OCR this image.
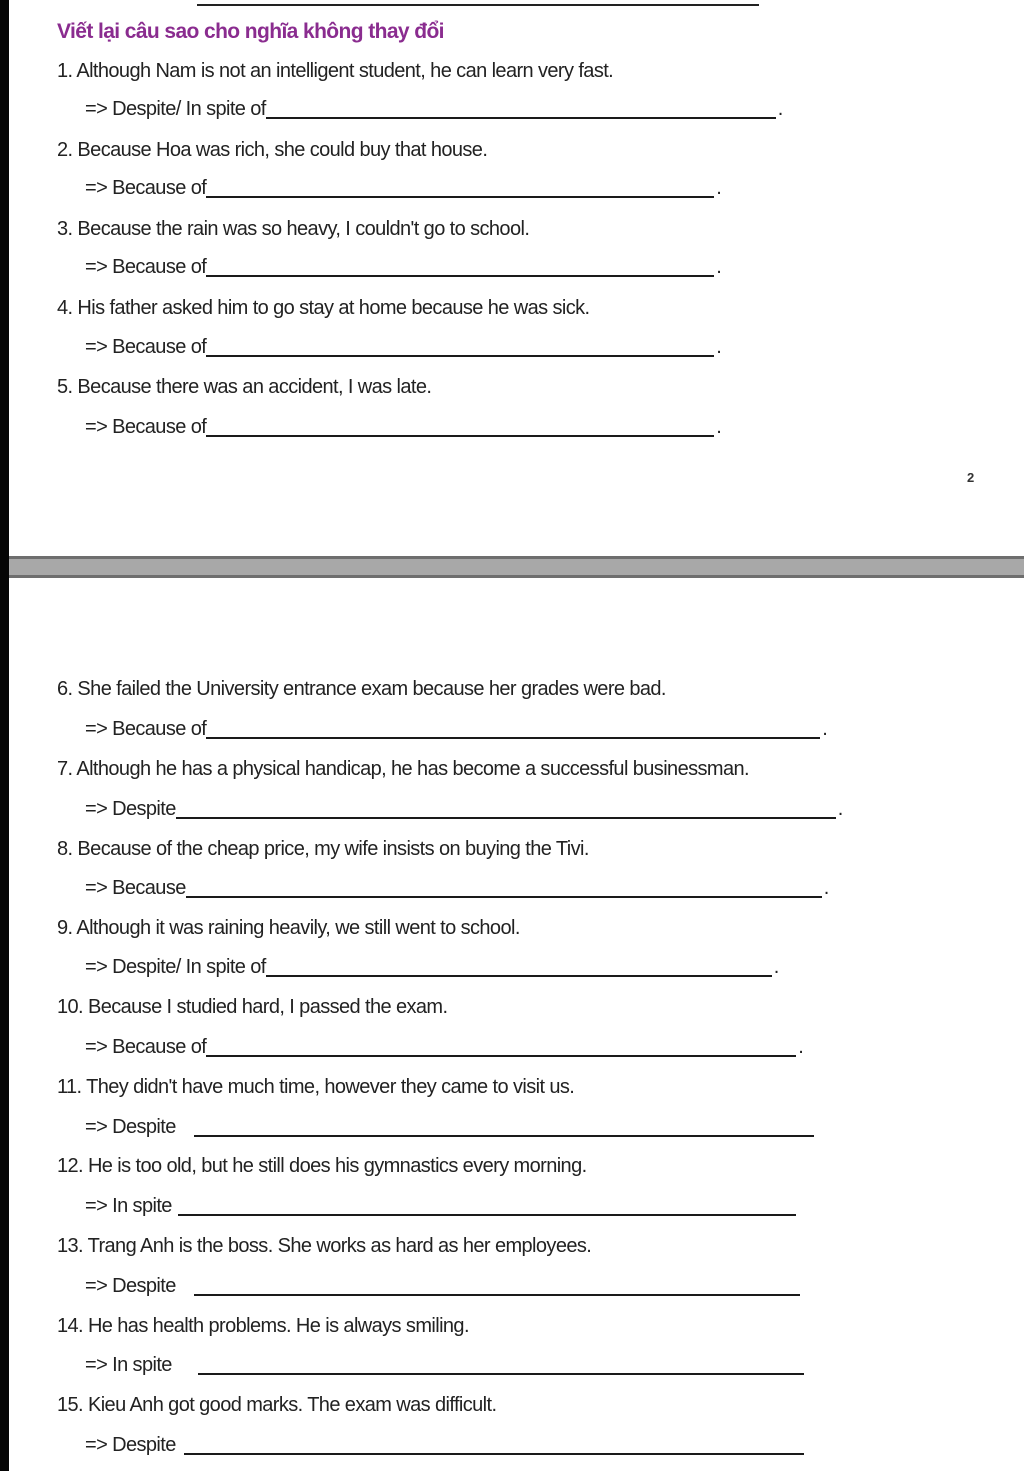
Viết lại câu sao cho nghĩa không thay đổi
1. Although Nam is not an intelligent student, he can learn very fast.
=> Despite/ In spite of	.
2. Because Hoa was rich, she could buy that house.
=> Because of	.
3. Because the rain was so heavy, I couldn't go to school.
=> Because of	.
4. His father asked him to go stay at home because he was sick.
=> Because of	.
5. Because there was an accident, I was late.
=> Because of	.
2
6. She failed the University entrance exam because her grades were bad.
=> Because of	.
7. Although he has a physical handicap, he has become a successful businessman.
=> Despite	.
8. Because of the cheap price, my wife insists on buying the Tivi.
=> Because	.
9. Although it was raining heavily, we still went to school.
=> Despite/ In spite of	.
10. Because I studied hard, I passed the exam.
=> Because of	.
11. They didn't have much time, however they came to visit us.
=> Despite
12. He is too old, but he still does his gymnastics every morning.
=> In spite
13. Trang Anh is the boss. She works as hard as her employees.
=> Despite
14. He has health problems. He is always smiling.
=> In spite
15. Kieu Anh got good marks. The exam was difficult.
=> Despite
